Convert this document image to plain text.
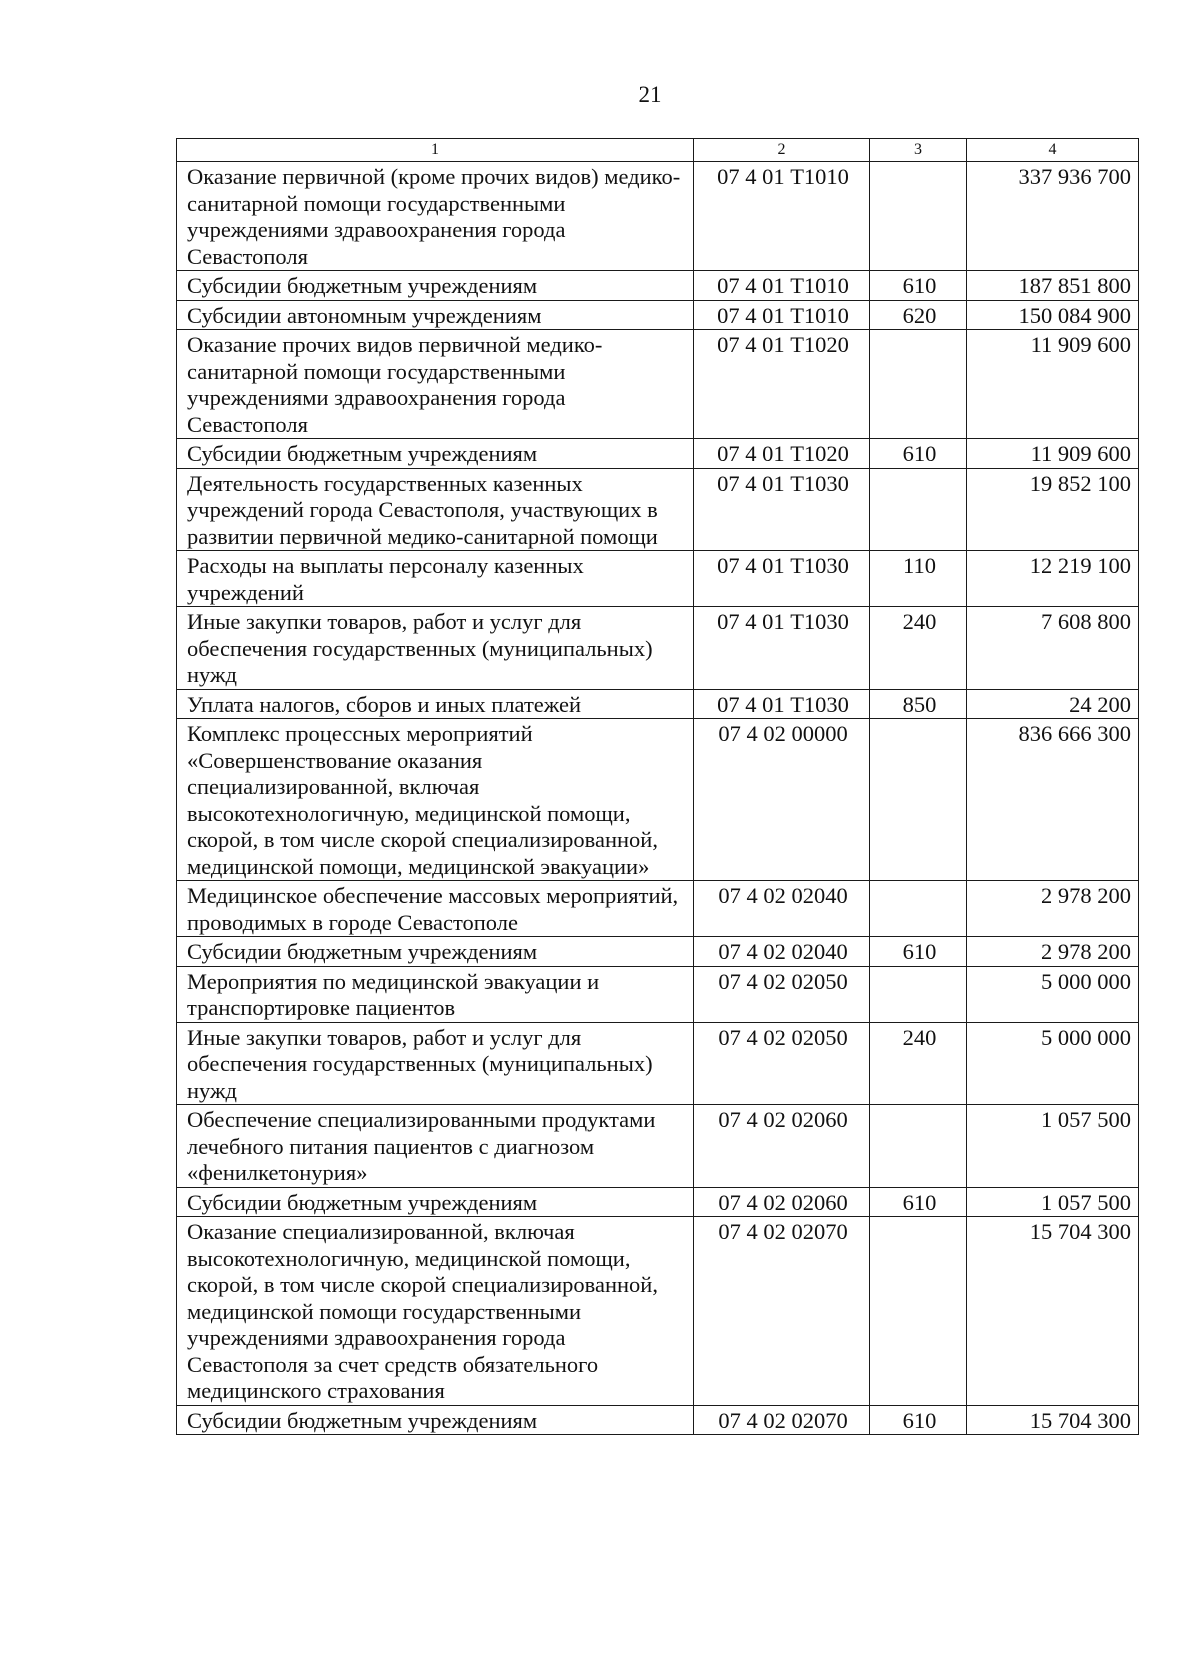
21
1	2	3	4
Оказание первичной (кроме прочих видов) медико-санитарной помощи государственными учреждениями здравоохранения города Севастополя	07 4 01 Т1010		337 936 700
Субсидии бюджетным учреждениям	07 4 01 Т1010	610	187 851 800
Субсидии автономным учреждениям	07 4 01 Т1010	620	150 084 900
Оказание прочих видов первичной медико-санитарной помощи государственными учреждениями здравоохранения города Севастополя	07 4 01 Т1020		11 909 600
Субсидии бюджетным учреждениям	07 4 01 Т1020	610	11 909 600
Деятельность государственных казенных учреждений города Севастополя, участвующих в развитии первичной медико-санитарной помощи	07 4 01 Т1030		19 852 100
Расходы на выплаты персоналу казенных учреждений	07 4 01 Т1030	110	12 219 100
Иные закупки товаров, работ и услуг для обеспечения государственных (муниципальных) нужд	07 4 01 Т1030	240	7 608 800
Уплата налогов, сборов и иных платежей	07 4 01 Т1030	850	24 200
Комплекс процессных мероприятий «Совершенствование оказания специализированной, включая высокотехнологичную, медицинской помощи, скорой, в том числе скорой специализированной, медицинской помощи, медицинской эвакуации»	07 4 02 00000		836 666 300
Медицинское обеспечение массовых мероприятий, проводимых в городе Севастополе	07 4 02 02040		2 978 200
Субсидии бюджетным учреждениям	07 4 02 02040	610	2 978 200
Мероприятия по медицинской эвакуации и транспортировке пациентов	07 4 02 02050		5 000 000
Иные закупки товаров, работ и услуг для обеспечения государственных (муниципальных) нужд	07 4 02 02050	240	5 000 000
Обеспечение специализированными продуктами лечебного питания пациентов с диагнозом «фенилкетонурия»	07 4 02 02060		1 057 500
Субсидии бюджетным учреждениям	07 4 02 02060	610	1 057 500
Оказание специализированной, включая высокотехнологичную, медицинской помощи, скорой, в том числе скорой специализированной, медицинской помощи государственными учреждениями здравоохранения города Севастополя за счет средств обязательного медицинского страхования	07 4 02 02070		15 704 300
Субсидии бюджетным учреждениям	07 4 02 02070	610	15 704 300
